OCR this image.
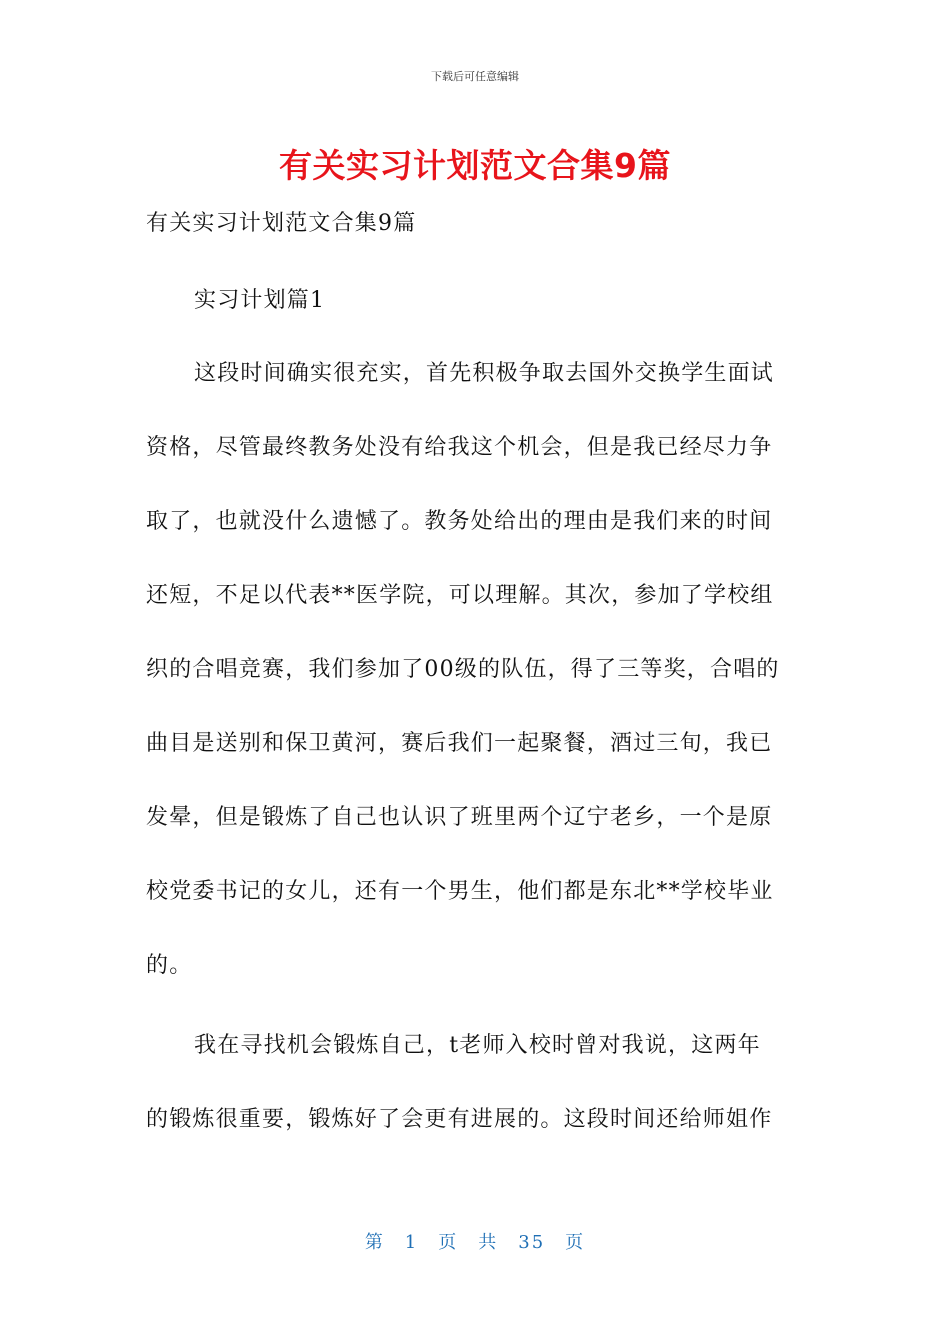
下载后可任意编辑
有关实习计划范文合集9篇
有关实习计划范文合集9篇
实习计划篇1
这段时间确实很充实，首先积极争取去国外交换学生面试
资格，尽管最终教务处没有给我这个机会，但是我已经尽力争
取了，也就没什么遗憾了。教务处给出的理由是我们来的时间
还短，不足以代表**医学院，可以理解。其次，参加了学校组
织的合唱竞赛，我们参加了00级的队伍，得了三等奖，合唱的
曲目是送别和保卫黄河，赛后我们一起聚餐，酒过三旬，我已
发晕，但是锻炼了自己也认识了班里两个辽宁老乡，一个是原
校党委书记的女儿，还有一个男生，他们都是东北**学校毕业
的。
我在寻找机会锻炼自己，t老师入校时曾对我说，这两年
的锻炼很重要，锻炼好了会更有进展的。这段时间还给师姐作
第　1　页　共　35　页
